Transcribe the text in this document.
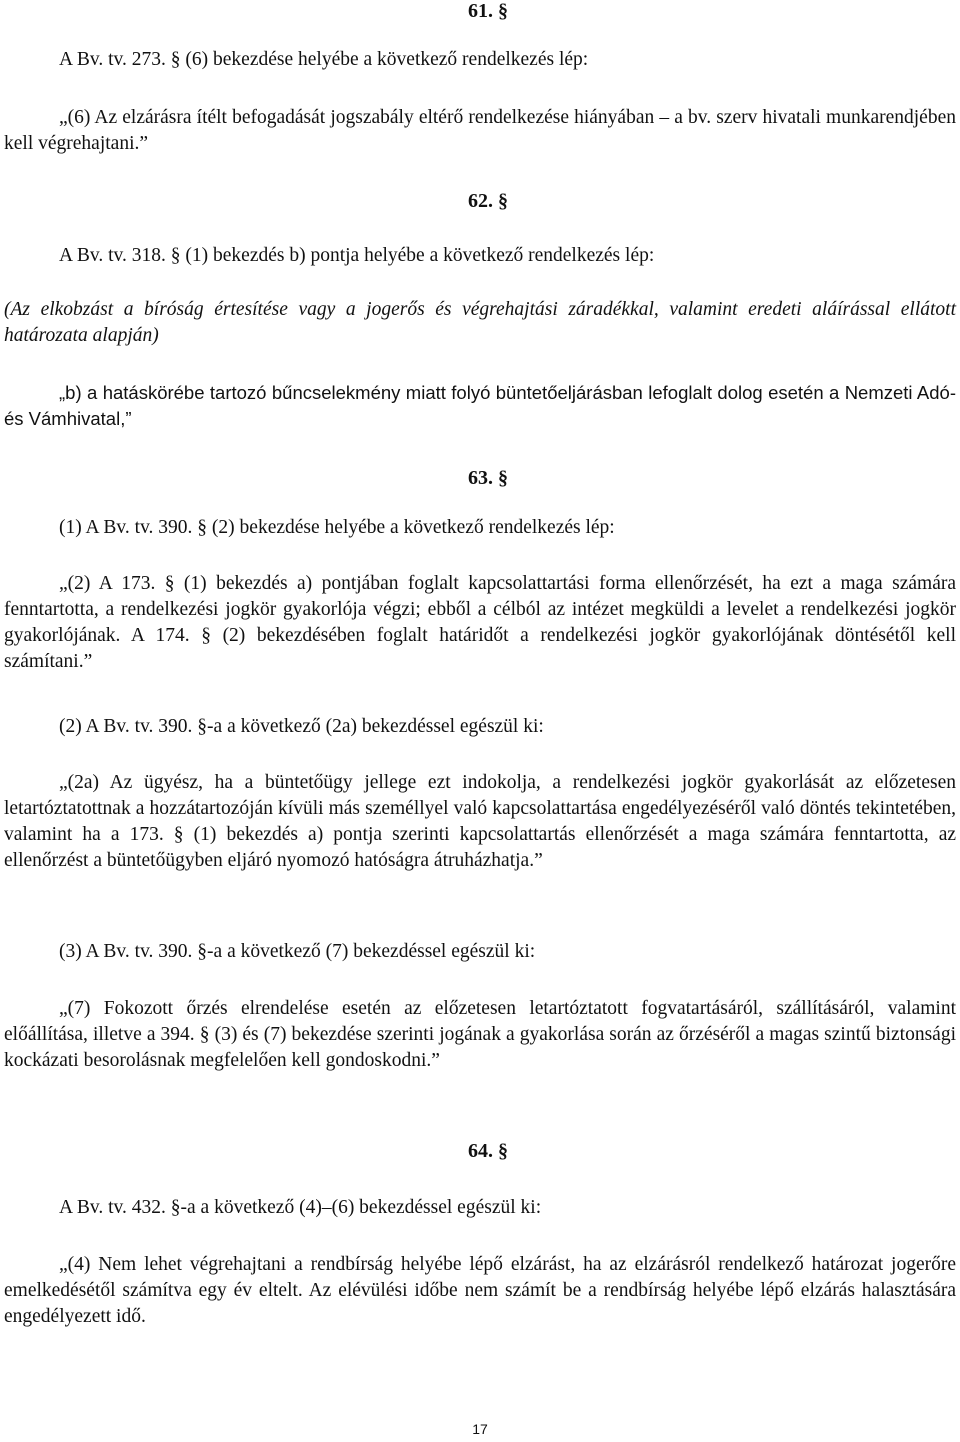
61. §

A Bv. tv. 273. § (6) bekezdése helyébe a következő rendelkezés lép:

„(6) Az elzárásra ítélt befogadását jogszabály eltérő rendelkezése hiányában – a bv. szerv hivatali munkarendjében kell végrehajtani.”

62. §

A Bv. tv. 318. § (1) bekezdés b) pontja helyébe a következő rendelkezés lép:

(Az elkobzást a bíróság értesítése vagy a jogerős és végrehajtási záradékkal, valamint eredeti aláírással ellátott határozata alapján)

„b) a hatáskörébe tartozó bűncselekmény miatt folyó büntetőeljárásban lefoglalt dolog esetén a Nemzeti Adó- és Vámhivatal,”

63. §

(1) A Bv. tv. 390. § (2) bekezdése helyébe a következő rendelkezés lép:

„(2) A 173. § (1) bekezdés a) pontjában foglalt kapcsolattartási forma ellenőrzését, ha ezt a maga számára fenntartotta, a rendelkezési jogkör gyakorlója végzi; ebből a célból az intézet megküldi a levelet a rendelkezési jogkör gyakorlójának. A 174. § (2) bekezdésében foglalt határidőt a rendelkezési jogkör gyakorlójának döntésétől kell számítani.”

(2) A Bv. tv. 390. §-a a következő (2a) bekezdéssel egészül ki:

„(2a) Az ügyész, ha a büntetőügy jellege ezt indokolja, a rendelkezési jogkör gyakorlását az előzetesen letartóztatottnak a hozzátartozóján kívüli más személlyel való kapcsolattartása engedélyezéséről való döntés tekintetében, valamint ha a 173. § (1) bekezdés a) pontja szerinti kapcsolattartás ellenőrzését a maga számára fenntartotta, az ellenőrzést a büntetőügyben eljáró nyomozó hatóságra átruházhatja.”

(3) A Bv. tv. 390. §-a a következő (7) bekezdéssel egészül ki:

„(7) Fokozott őrzés elrendelése esetén az előzetesen letartóztatott fogvatartásáról, szállításáról, valamint előállítása, illetve a 394. § (3) és (7) bekezdése szerinti jogának a gyakorlása során az őrzéséről a magas szintű biztonsági kockázati besorolásnak megfelelően kell gondoskodni.”

64. §

A Bv. tv. 432. §-a a következő (4)–(6) bekezdéssel egészül ki:

„(4) Nem lehet végrehajtani a rendbírság helyébe lépő elzárást, ha az elzárásról rendelkező határozat jogerőre emelkedésétől számítva egy év eltelt. Az elévülési időbe nem számít be a rendbírság helyébe lépő elzárás halasztására engedélyezett idő.

17
